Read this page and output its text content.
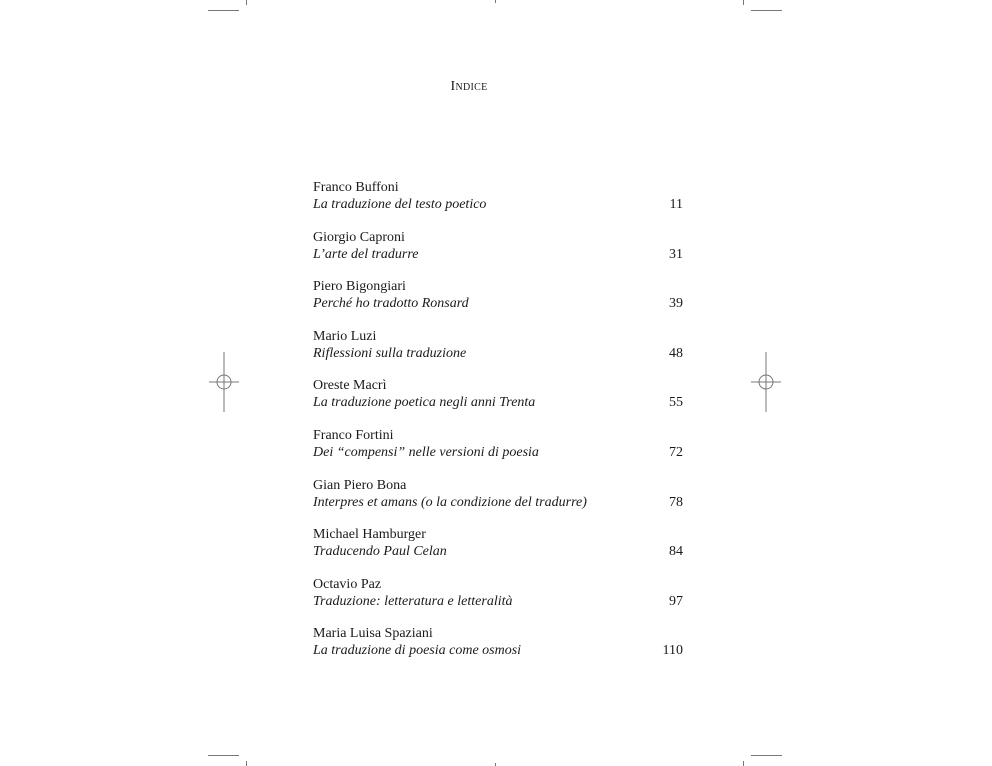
Indice
Franco Buffoni
La traduzione del testo poetico	11
Giorgio Caproni
L’arte del tradurre	31
Piero Bigongiari
Perché ho tradotto Ronsard	39
Mario Luzi
Riflessioni sulla traduzione	48
Oreste Macrì
La traduzione poetica negli anni Trenta	55
Franco Fortini
Dei “compensi” nelle versioni di poesia	72
Gian Piero Bona
Interpres et amans (o la condizione del tradurre)	78
Michael Hamburger
Traducendo Paul Celan	84
Octavio Paz
Traduzione: letteratura e letteralità	97
Maria Luisa Spaziani
La traduzione di poesia come osmosi	110
